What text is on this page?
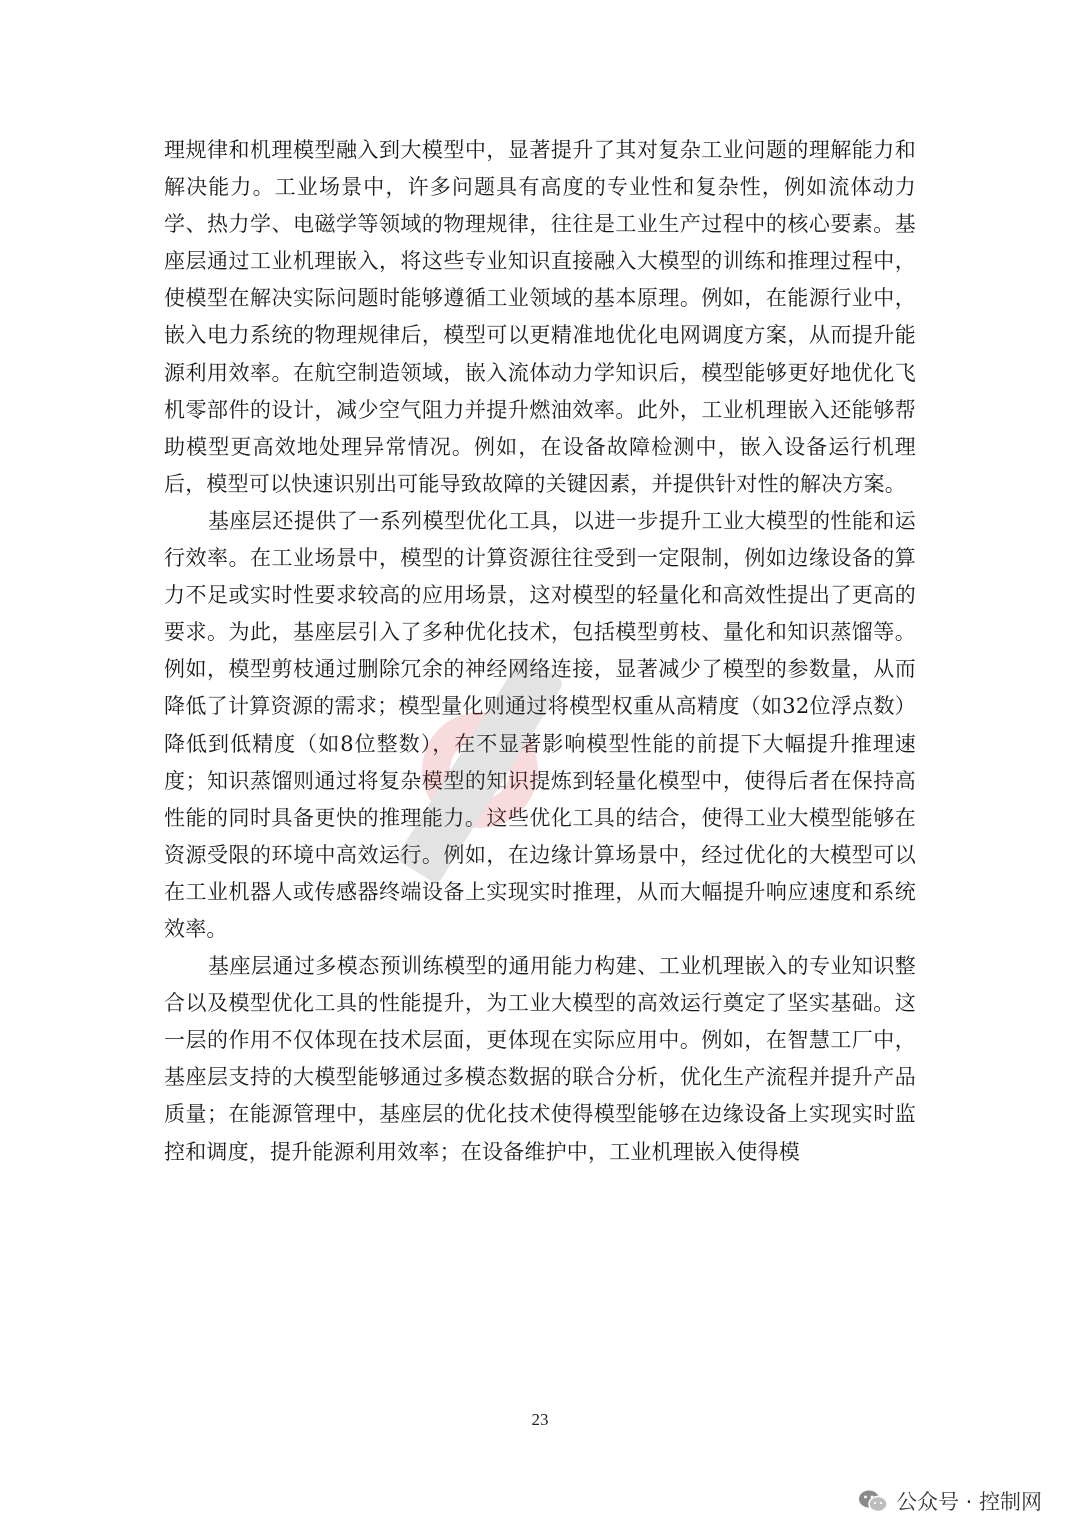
理规律和机理模型融入到大模型中，显著提升了其对复杂工业问题的理解能力和解决能力。工业场景中，许多问题具有高度的专业性和复杂性，例如流体动力学、热力学、电磁学等领域的物理规律，往往是工业生产过程中的核心要素。基座层通过工业机理嵌入，将这些专业知识直接融入大模型的训练和推理过程中，使模型在解决实际问题时能够遵循工业领域的基本原理。例如，在能源行业中，嵌入电力系统的物理规律后，模型可以更精准地优化电网调度方案，从而提升能源利用效率。在航空制造领域，嵌入流体动力学知识后，模型能够更好地优化飞机零部件的设计，减少空气阻力并提升燃油效率。此外，工业机理嵌入还能够帮助模型更高效地处理异常情况。例如，在设备故障检测中，嵌入设备运行机理后，模型可以快速识别出可能导致故障的关键因素，并提供针对性的解决方案。

基座层还提供了一系列模型优化工具，以进一步提升工业大模型的性能和运行效率。在工业场景中，模型的计算资源往往受到一定限制，例如边缘设备的算力不足或实时性要求较高的应用场景，这对模型的轻量化和高效性提出了更高的要求。为此，基座层引入了多种优化技术，包括模型剪枝、量化和知识蒸馏等。例如，模型剪枝通过删除冗余的神经网络连接，显著减少了模型的参数量，从而降低了计算资源的需求；模型量化则通过将模型权重从高精度（如32位浮点数）降低到低精度（如8位整数），在不显著影响模型性能的前提下大幅提升推理速度；知识蒸馏则通过将复杂模型的知识提炼到轻量化模型中，使得后者在保持高性能的同时具备更快的推理能力。这些优化工具的结合，使得工业大模型能够在资源受限的环境中高效运行。例如，在边缘计算场景中，经过优化的大模型可以在工业机器人或传感器终端设备上实现实时推理，从而大幅提升响应速度和系统效率。

基座层通过多模态预训练模型的通用能力构建、工业机理嵌入的专业知识整合以及模型优化工具的性能提升，为工业大模型的高效运行奠定了坚实基础。这一层的作用不仅体现在技术层面，更体现在实际应用中。例如，在智慧工厂中，基座层支持的大模型能够通过多模态数据的联合分析，优化生产流程并提升产品质量；在能源管理中，基座层的优化技术使得模型能够在边缘设备上实现实时监控和调度，提升能源利用效率；在设备维护中，工业机理嵌入使得模

23
公众号 · 控制网
